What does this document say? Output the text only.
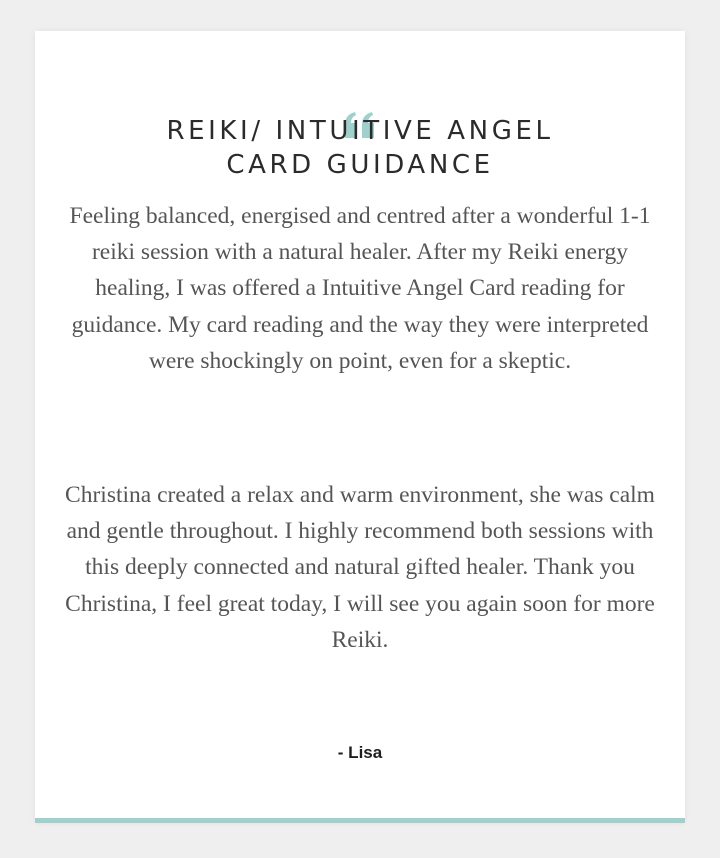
REIKI/ INTUITIVE ANGEL
CARD GUIDANCE

Feeling balanced, energised and centred after a wonderful 1-1 reiki session with a natural healer. After my Reiki energy healing, I was offered a Intuitive Angel Card reading for guidance. My card reading and the way they were interpreted were shockingly on point, even for a skeptic.

Christina created a relax and warm environment, she was calm and gentle throughout. I highly recommend both sessions with this deeply connected and natural gifted healer. Thank you Christina, I feel great today, I will see you again soon for more Reiki.

- Lisa
